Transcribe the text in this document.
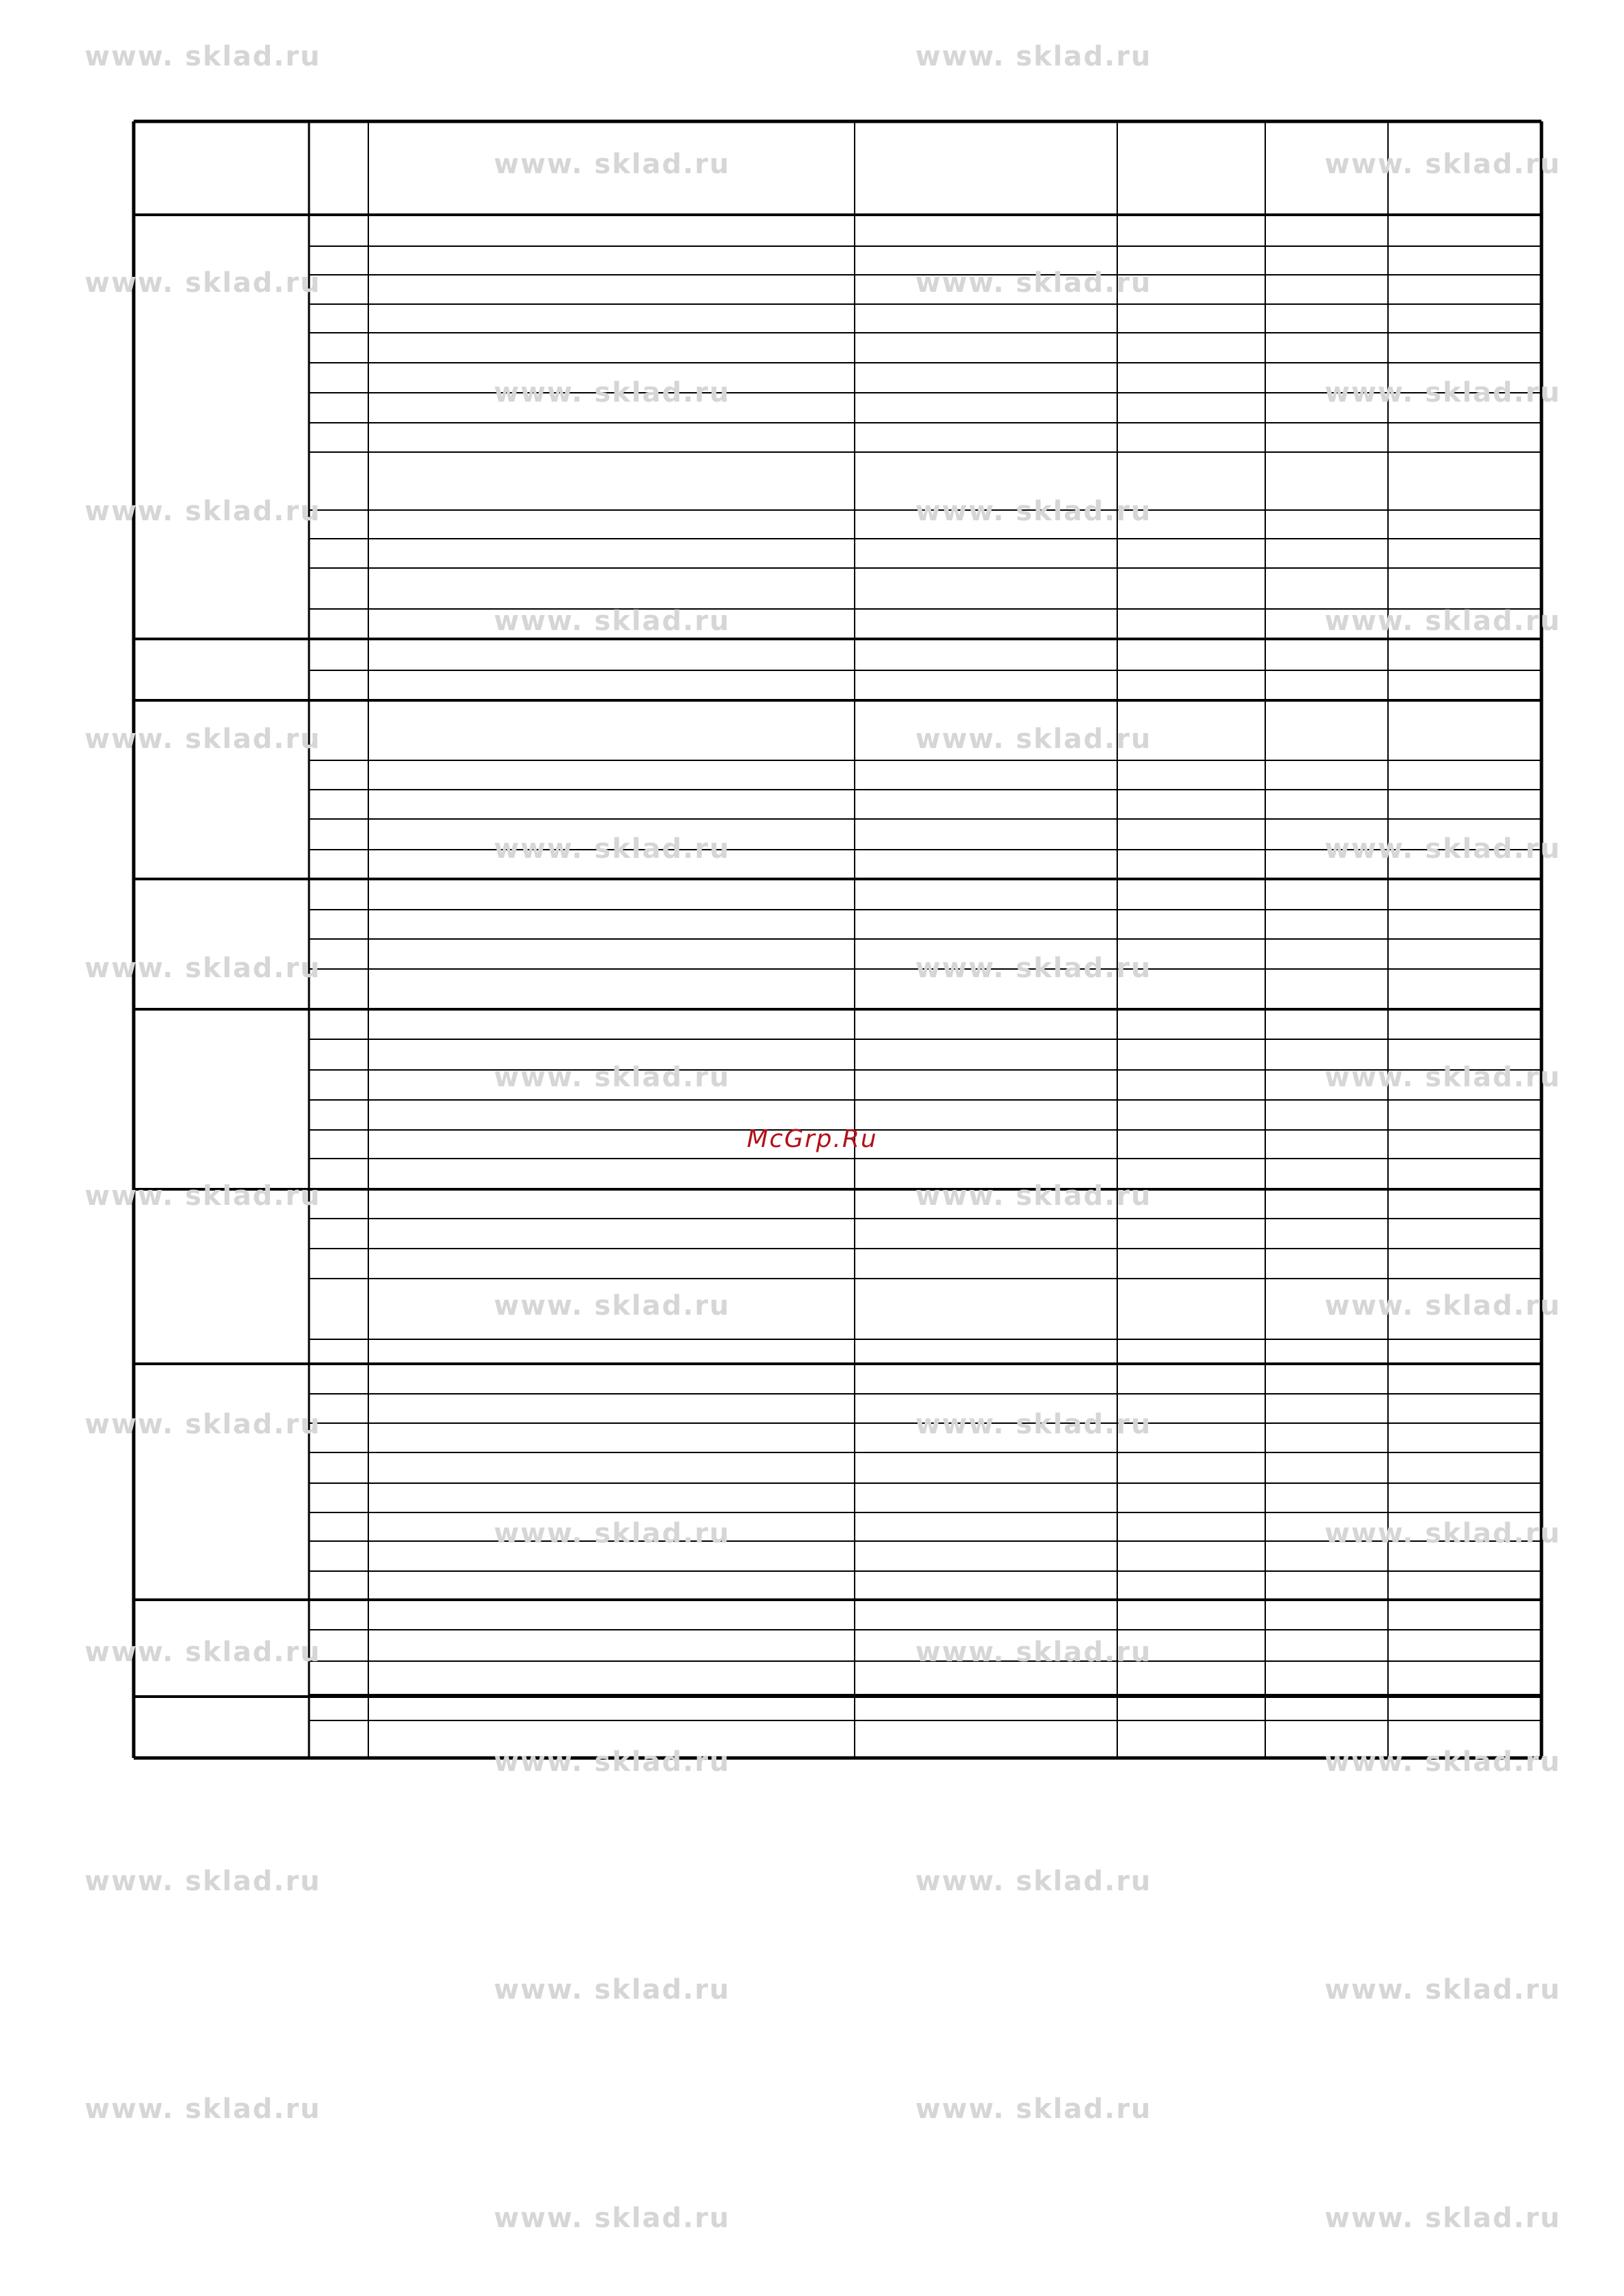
www. sklad.ru	www. sklad.ru
www. sklad.ru	www. sklad.ru
www. sklad.ru	www. sklad.ru
www. sklad.ru	www. sklad.ru
www. sklad.ru	www. sklad.ru
www. sklad.ru	www. sklad.ru
www. sklad.ru	www. sklad.ru
www. sklad.ru	www. sklad.ru
www. sklad.ru	www. sklad.ru
www. sklad.ru	www. sklad.ru
www. sklad.ru	www. sklad.ru
www. sklad.ru	www. sklad.ru
www. sklad.ru	www. sklad.ru
www. sklad.ru	www. sklad.ru
www. sklad.ru	www. sklad.ru
www. sklad.ru	www. sklad.ru
www. sklad.ru	www. sklad.ru
www. sklad.ru	www. sklad.ru
www. sklad.ru	www. sklad.ru
www. sklad.ru	www. sklad.ru
McGrp.Ru
